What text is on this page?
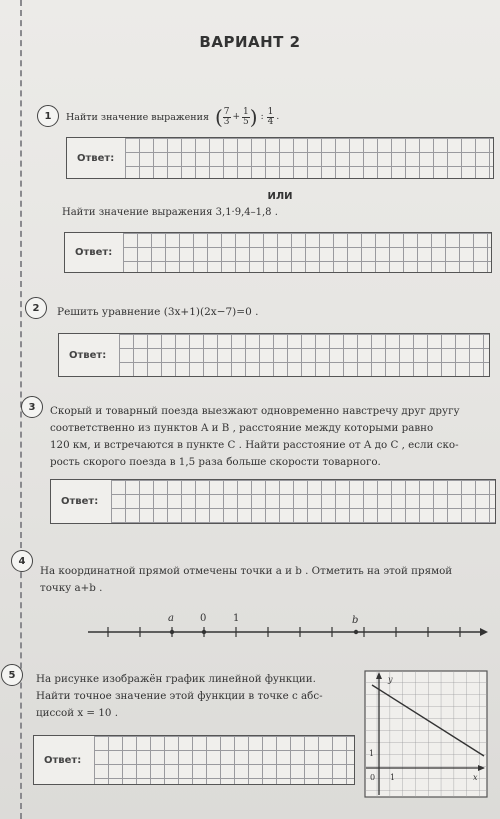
ВАРИАНТ 2
1 Найти значение выражения ( $\frac{7}{3} + \frac{1}{5}$ ) : $\frac{1}{4}$ .
Ответ:
ИЛИ
Найти значение выражения 3,1·9,4–1,8 .
Ответ:
2 Решить уравнение (3x+1)(2x−7)=0 .
Ответ:
3 Скорый и товарный поезда выезжают одновременно навстречу друг другу
соответственно из пунктов A и B , расстояние между которыми равно
120 км, и встречаются в пункте C . Найти расстояние от A до C , если ско-
рость скорого поезда в 1,5 раза больше скорости товарного.
Ответ:
4
На координатной прямой отмечены точки a и b . Отметить на этой прямой
точку a+b .
a	0	1	b
5 На рисунке изображён график линейной функции.
Найти точное значение этой функции в точке с абс-
циссой x = 10 .
Ответ:
y
x
1
0 1
